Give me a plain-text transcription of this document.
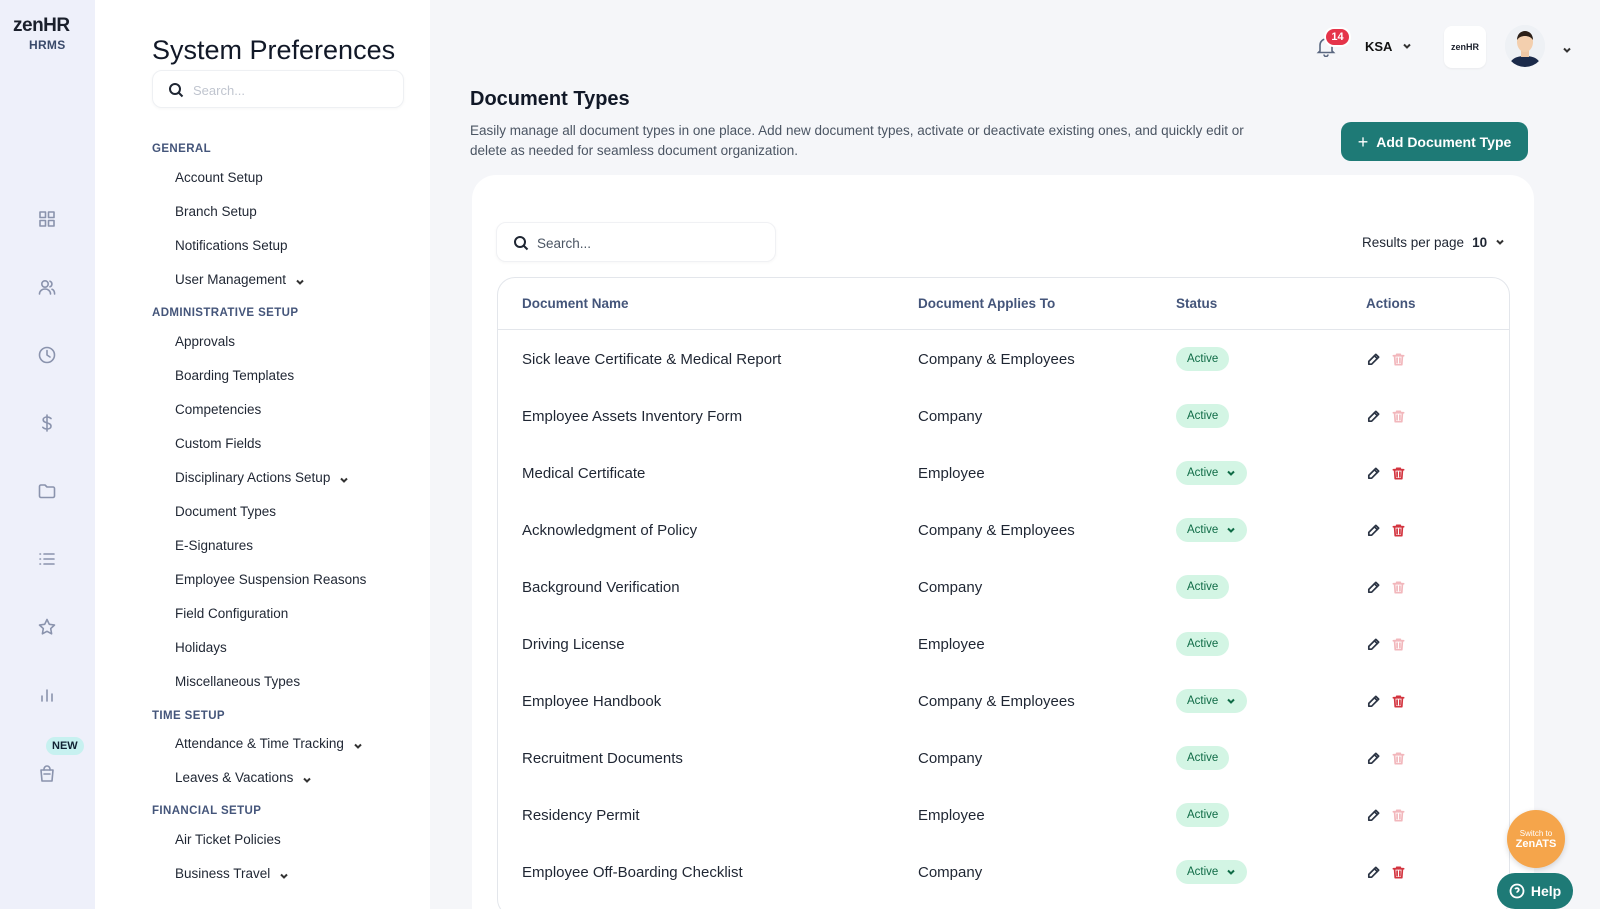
zenHR
HRMS
NEW
System Preferences
Search...
GENERAL
Account Setup
Branch Setup
Notifications Setup
User Management
ADMINISTRATIVE SETUP
Approvals
Boarding Templates
Competencies
Custom Fields
Disciplinary Actions Setup
Document Types
E-Signatures
Employee Suspension Reasons
Field Configuration
Holidays
Miscellaneous Types
TIME SETUP
Attendance & Time Tracking
Leaves & Vacations
FINANCIAL SETUP
Air Ticket Policies
Business Travel
14
KSA	zenHR
Document Types
Easily manage all document types in one place. Add new document types, activate or deactivate existing ones, and quickly edit or delete as needed for seamless document organization.	+ Add Document Type
Search...
Results per page 10
Document Name	Document Applies To	Status	Actions
Sick leave Certificate & Medical Report	Company & Employees	Active
Employee Assets Inventory Form	Company	Active
Medical Certificate	Employee	Active
Acknowledgment of Policy	Company & Employees	Active
Background Verification	Company	Active
Driving License	Employee	Active
Employee Handbook	Company & Employees	Active
Recruitment Documents	Company	Active
Residency Permit	Employee	Active
Employee Off-Boarding Checklist	Company	Active
Switch to
ZenATS
Help
